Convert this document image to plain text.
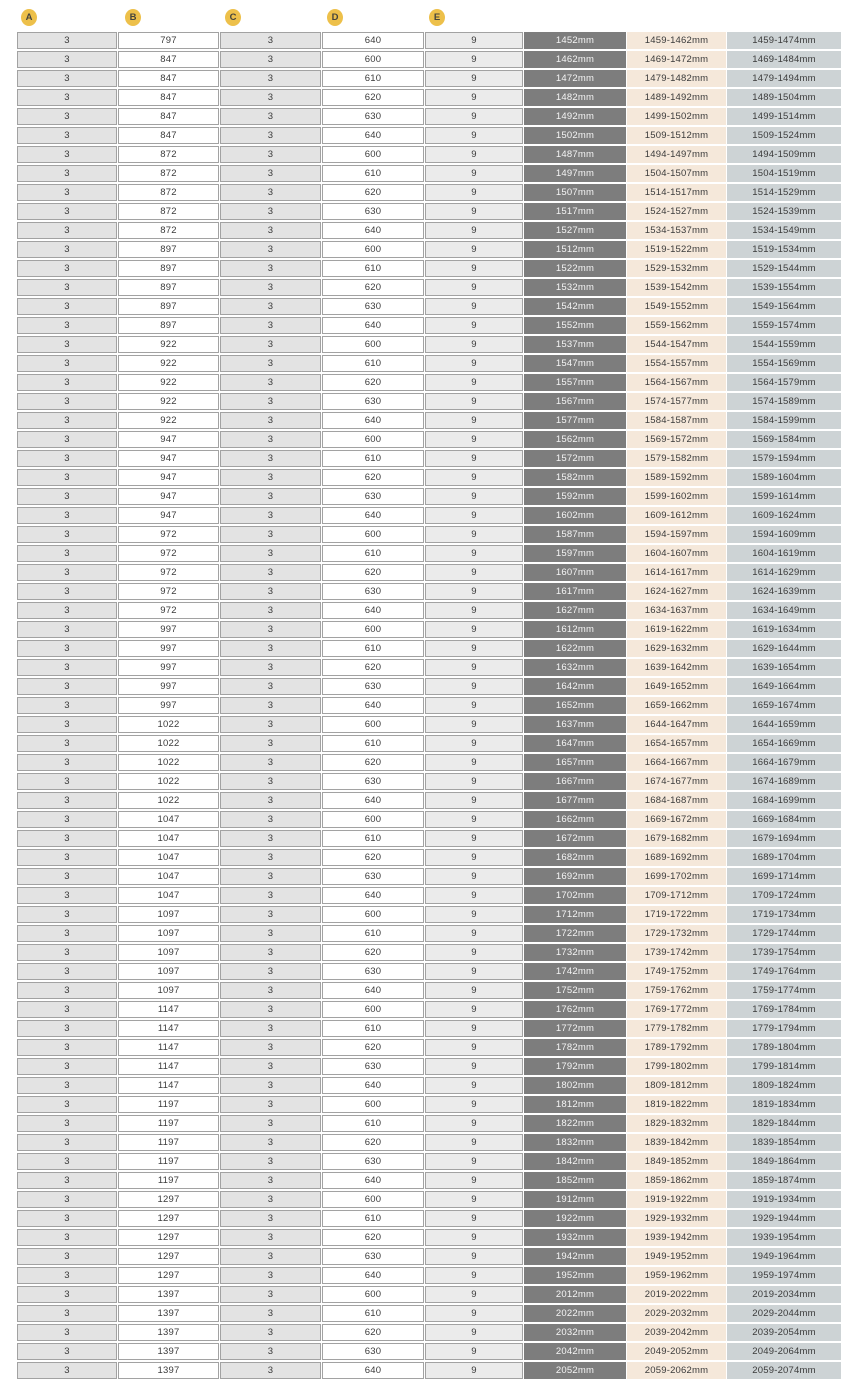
A	B	C	D	E
3	797	3	640	9	1452mm	1459-1462mm	1459-1474mm
3	847	3	600	9	1462mm	1469-1472mm	1469-1484mm
3	847	3	610	9	1472mm	1479-1482mm	1479-1494mm
3	847	3	620	9	1482mm	1489-1492mm	1489-1504mm
3	847	3	630	9	1492mm	1499-1502mm	1499-1514mm
3	847	3	640	9	1502mm	1509-1512mm	1509-1524mm
3	872	3	600	9	1487mm	1494-1497mm	1494-1509mm
3	872	3	610	9	1497mm	1504-1507mm	1504-1519mm
3	872	3	620	9	1507mm	1514-1517mm	1514-1529mm
3	872	3	630	9	1517mm	1524-1527mm	1524-1539mm
3	872	3	640	9	1527mm	1534-1537mm	1534-1549mm
3	897	3	600	9	1512mm	1519-1522mm	1519-1534mm
3	897	3	610	9	1522mm	1529-1532mm	1529-1544mm
3	897	3	620	9	1532mm	1539-1542mm	1539-1554mm
3	897	3	630	9	1542mm	1549-1552mm	1549-1564mm
3	897	3	640	9	1552mm	1559-1562mm	1559-1574mm
3	922	3	600	9	1537mm	1544-1547mm	1544-1559mm
3	922	3	610	9	1547mm	1554-1557mm	1554-1569mm
3	922	3	620	9	1557mm	1564-1567mm	1564-1579mm
3	922	3	630	9	1567mm	1574-1577mm	1574-1589mm
3	922	3	640	9	1577mm	1584-1587mm	1584-1599mm
3	947	3	600	9	1562mm	1569-1572mm	1569-1584mm
3	947	3	610	9	1572mm	1579-1582mm	1579-1594mm
3	947	3	620	9	1582mm	1589-1592mm	1589-1604mm
3	947	3	630	9	1592mm	1599-1602mm	1599-1614mm
3	947	3	640	9	1602mm	1609-1612mm	1609-1624mm
3	972	3	600	9	1587mm	1594-1597mm	1594-1609mm
3	972	3	610	9	1597mm	1604-1607mm	1604-1619mm
3	972	3	620	9	1607mm	1614-1617mm	1614-1629mm
3	972	3	630	9	1617mm	1624-1627mm	1624-1639mm
3	972	3	640	9	1627mm	1634-1637mm	1634-1649mm
3	997	3	600	9	1612mm	1619-1622mm	1619-1634mm
3	997	3	610	9	1622mm	1629-1632mm	1629-1644mm
3	997	3	620	9	1632mm	1639-1642mm	1639-1654mm
3	997	3	630	9	1642mm	1649-1652mm	1649-1664mm
3	997	3	640	9	1652mm	1659-1662mm	1659-1674mm
3	1022	3	600	9	1637mm	1644-1647mm	1644-1659mm
3	1022	3	610	9	1647mm	1654-1657mm	1654-1669mm
3	1022	3	620	9	1657mm	1664-1667mm	1664-1679mm
3	1022	3	630	9	1667mm	1674-1677mm	1674-1689mm
3	1022	3	640	9	1677mm	1684-1687mm	1684-1699mm
3	1047	3	600	9	1662mm	1669-1672mm	1669-1684mm
3	1047	3	610	9	1672mm	1679-1682mm	1679-1694mm
3	1047	3	620	9	1682mm	1689-1692mm	1689-1704mm
3	1047	3	630	9	1692mm	1699-1702mm	1699-1714mm
3	1047	3	640	9	1702mm	1709-1712mm	1709-1724mm
3	1097	3	600	9	1712mm	1719-1722mm	1719-1734mm
3	1097	3	610	9	1722mm	1729-1732mm	1729-1744mm
3	1097	3	620	9	1732mm	1739-1742mm	1739-1754mm
3	1097	3	630	9	1742mm	1749-1752mm	1749-1764mm
3	1097	3	640	9	1752mm	1759-1762mm	1759-1774mm
3	1147	3	600	9	1762mm	1769-1772mm	1769-1784mm
3	1147	3	610	9	1772mm	1779-1782mm	1779-1794mm
3	1147	3	620	9	1782mm	1789-1792mm	1789-1804mm
3	1147	3	630	9	1792mm	1799-1802mm	1799-1814mm
3	1147	3	640	9	1802mm	1809-1812mm	1809-1824mm
3	1197	3	600	9	1812mm	1819-1822mm	1819-1834mm
3	1197	3	610	9	1822mm	1829-1832mm	1829-1844mm
3	1197	3	620	9	1832mm	1839-1842mm	1839-1854mm
3	1197	3	630	9	1842mm	1849-1852mm	1849-1864mm
3	1197	3	640	9	1852mm	1859-1862mm	1859-1874mm
3	1297	3	600	9	1912mm	1919-1922mm	1919-1934mm
3	1297	3	610	9	1922mm	1929-1932mm	1929-1944mm
3	1297	3	620	9	1932mm	1939-1942mm	1939-1954mm
3	1297	3	630	9	1942mm	1949-1952mm	1949-1964mm
3	1297	3	640	9	1952mm	1959-1962mm	1959-1974mm
3	1397	3	600	9	2012mm	2019-2022mm	2019-2034mm
3	1397	3	610	9	2022mm	2029-2032mm	2029-2044mm
3	1397	3	620	9	2032mm	2039-2042mm	2039-2054mm
3	1397	3	630	9	2042mm	2049-2052mm	2049-2064mm
3	1397	3	640	9	2052mm	2059-2062mm	2059-2074mm
